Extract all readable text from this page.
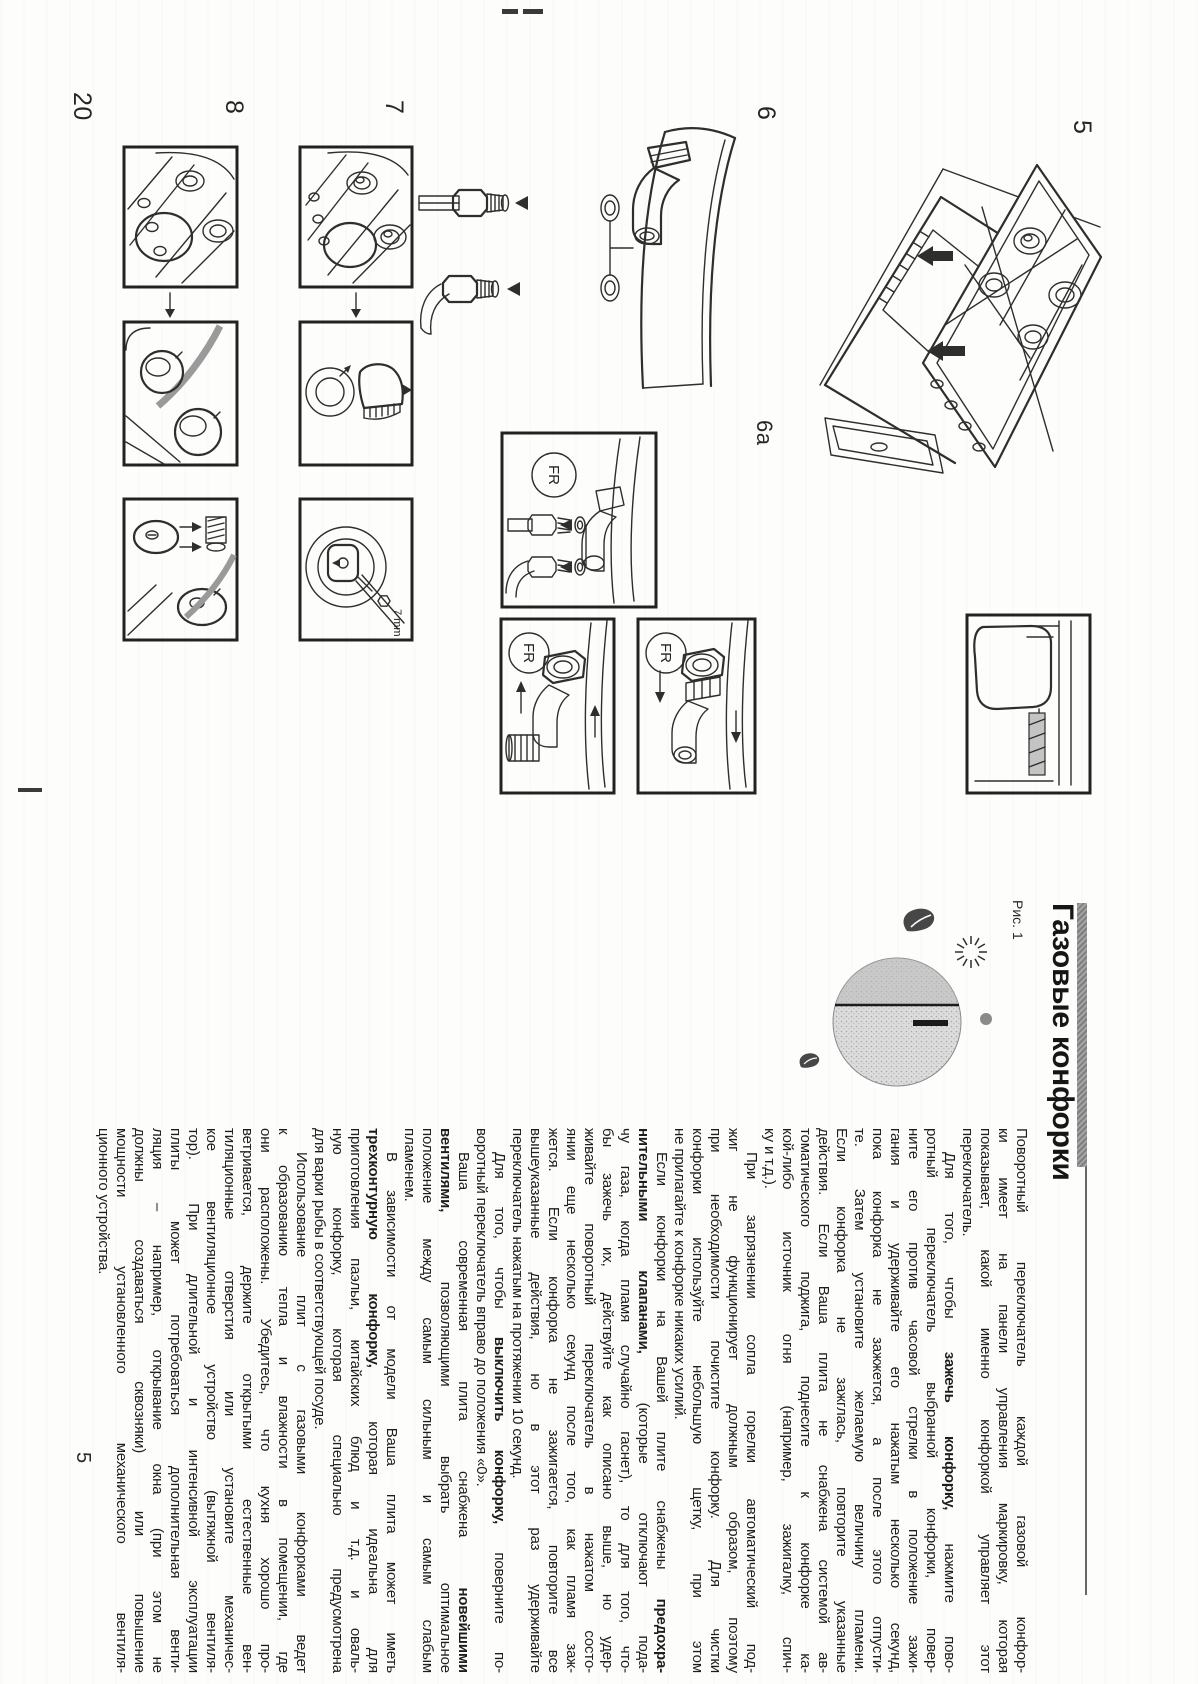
5
6
6a
7
8
20
FR
FR
FR
7 mm
Газовые конфорки
Рис. 1
Поворотный переключатель каждой газовой конфор-
ки имеет на панели управления маркировку, которая
показывает, какой именно конфоркой управляет этот
переключатель.
Для того, чтобы зажечь конфорку, нажмите пово-
ротный переключатель выбранной конфорки, повер-
ните его против часовой стрелки в положение зажи-
гания и удерживайте его нажатым несколько секунд,
пока конфорка не зажжется, а после этого отпусти-
те. Затем установите желаемую величину пламени.
Если конфорка не зажглась, повторите указанные
действия. Если Ваша плита не снабжена системой ав-
томатического поджига, поднесите к конфорке ка-
кой-либо источник огня (например, зажигалку, спич-
ку и т.д.).
При загрязнении сопла горелки автоматический под-
жиг не функционирует должным образом, поэтому
при необходимости почистите конфорку. Для чистки
конфорки используйте небольшую щетку, при этом
не прилагайте к конфорке никаких усилий.
Если конфорки на Вашей плите снабжены предохра-
нительными клапанами, (которые отключают пода-
чу газа, когда пламя случайно гаснет), то для того, что-
бы зажечь их, действуйте как описано выше, но удер-
живайте поворотный переключатель в нажатом состо-
янии еще несколько секунд после того, как пламя заж-
жется. Если конфорка не зажигается, повторите все
вышеуказанные действия, но в этот раз удерживайте
переключатель нажатым на протяжении 10 секунд.
Для того, чтобы выключить конфорку, поверните по-
воротный переключатель вправо до положения «0».
Ваша современная плита снабжена новейшими
вентилями, позволяющими выбрать оптимальное
положение между самым сильным и самым слабым
пламенем.
В зависимости от модели Ваша плита может иметь
трехконтурную конфорку, которая идеальна для
приготовления паэльи, китайских блюд и т.д. и оваль-
ную конфорку, которая специально предусмотрена
для варки рыбы в соответствующей посуде.
Использование плит с газовыми конфорками ведет
к образованию тепла и влажности в помещении, где
они расположены. Убедитесь, что кухня хорошо про-
ветривается, держите открытыми естественные вен-
тиляционные отверстия или установите механичес-
кое вентиляционное устройство (вытяжной вентиля-
тор). При длительной и интенсивной эксплуатации
плиты может потребоваться дополнительная венти-
ляция – например, открывание окна (при этом не
должны создаваться сквозняки) или повышение
мощности установленного механического вентиля-
ционного устройства.
5
